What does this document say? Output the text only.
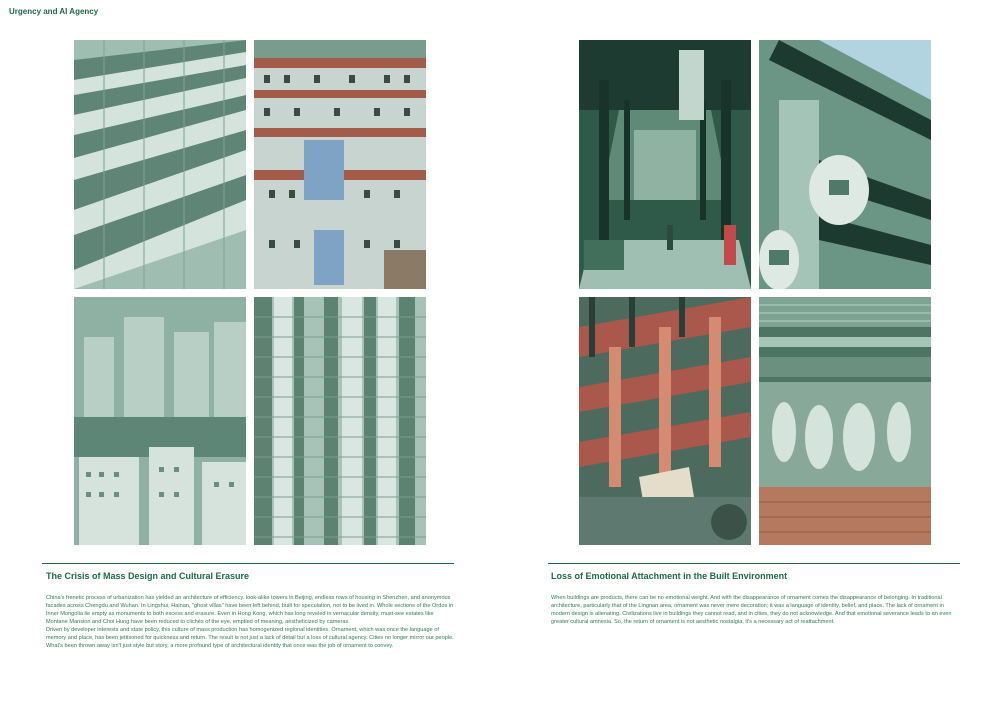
Urgency and AI Agency
The Crisis of Mass Design and Cultural Erasure

China's frenetic process of urbanization has yielded an architecture of efficiency. look-alike towers in Beijing, endless rows of housing in Shenzhen, and anonymous facades across Chengdu and Wuhan. In Lingshui, Hainan, "ghost villas" have been left behind, built for speculation, not to be lived in. Whole sections of the Ordos in Inner Mongolia lie empty as monuments to both excess and erasure. Even in Hong Kong, which has long reveled in vernacular density, must-see estates like Montane Mansion and Choi Hung have been reduced to clichés of the eye, emptied of meaning, aestheticized by cameras.

Driven by developer interests and state policy, this culture of mass production has homogenized regional identities. Ornament, which was once the language of memory and place, has been jettisoned for quickness and return. The result is not just a lack of detail but a loss of cultural agency. Cities no longer mirror our people. What's been thrown away isn't just style but story, a more profound type of architectural identity that once was the job of ornament to convey.

Loss of Emotional Attachment in the Built Environment

When buildings are products, there can be no emotional weight. And with the disappearance of ornament comes the disappearance of belonging. In traditional architecture, particularly that of the Lingnan area, ornament was never mere decoration; it was a language of identity, belief, and place. The lack of ornament in modern design is alienating. Civilizations live in buildings they cannot read, and in cities, they do not acknowledge. And that emotional severance leads to an even greater cultural amnesia. So, the return of ornament is not aesthetic nostalgia, it's a necessary act of reattachment.
